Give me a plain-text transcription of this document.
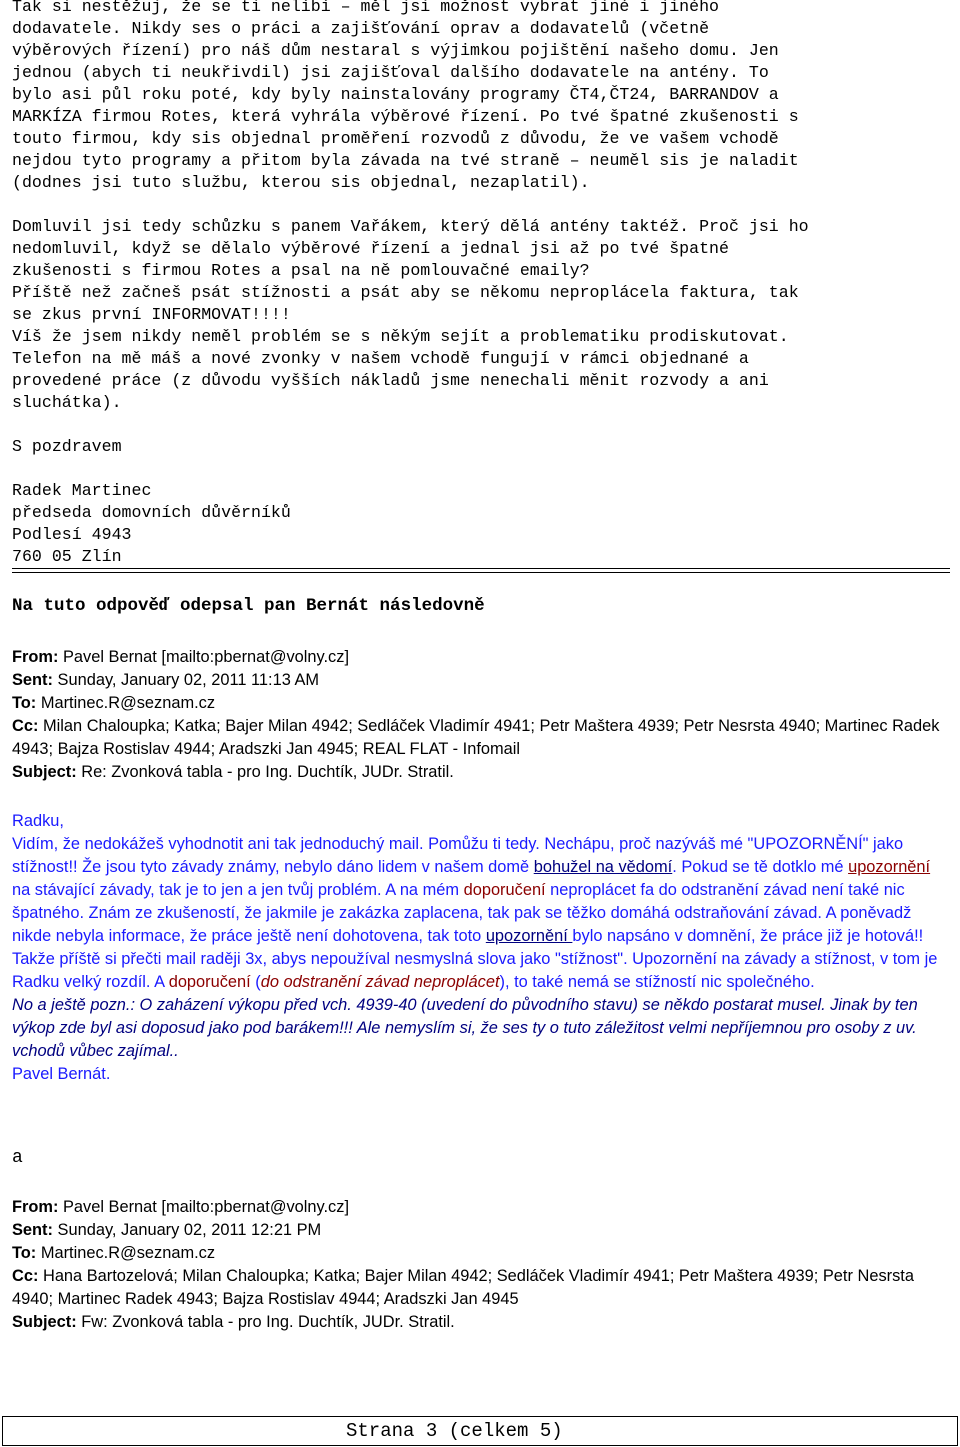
Tak si nestěžuj, že se ti nelíbí – měl jsi možnost vybrat jiné i jiného
dodavatele. Nikdy ses o práci a zajišťování oprav a dodavatelů (včetně
výběrových řízení) pro náš dům nestaral s výjimkou pojištění našeho domu. Jen
jednou (abych ti neukřivdil) jsi zajišťoval dalšího dodavatele na antény. To
bylo asi půl roku poté, kdy byly nainstalovány programy ČT4,ČT24, BARRANDOV a
MARKÍZA firmou Rotes, která vyhrála výběrové řízení. Po tvé špatné zkušenosti s
touto firmou, kdy sis objednal proměření rozvodů z důvodu, že ve vašem vchodě
nejdou tyto programy a přitom byla závada na tvé straně – neuměl sis je naladit
(dodnes jsi tuto službu, kterou sis objednal, nezaplatil).
Domluvil jsi tedy schůzku s panem Vařákem, který dělá antény taktéž. Proč jsi ho
nedomluvil, když se dělalo výběrové řízení a jednal jsi až po tvé špatné
zkušenosti s firmou Rotes a psal na ně pomlouvačné emaily?
Příště než začneš psát stížnosti a psát aby se někomu neproplácela faktura, tak
se zkus první INFORMOVAT!!!!
Víš že jsem nikdy neměl problém se s někým sejít a problematiku prodiskutovat.
Telefon na mě máš a nové zvonky v našem vchodě fungují v rámci objednané a
provedené práce (z důvodu vyšších nákladů jsme nenechali měnit rozvody a ani
sluchátka).
S pozdravem
Radek Martinec
předseda domovních důvěrníků
Podlesí 4943
760 05 Zlín
Na tuto odpověď odepsal pan Bernát následovně
From: Pavel Bernat [mailto:pbernat@volny.cz]
Sent: Sunday, January 02, 2011 11:13 AM
To: Martinec.R@seznam.cz
Cc: Milan Chaloupka; Katka; Bajer Milan 4942; Sedláček Vladimír 4941; Petr Maštera 4939; Petr Nesrsta 4940; Martinec Radek 4943; Bajza Rostislav 4944; Aradszki Jan 4945; REAL FLAT - Infomail
Subject: Re: Zvonková tabla - pro Ing. Duchtík, JUDr. Stratil.
Radku,
Vidím, že nedokážeš vyhodnotit ani tak jednoduchý mail. Pomůžu ti tedy. Nechápu, proč nazýváš mé "UPOZORNĚNÍ" jako stížnost!! Že jsou tyto závady známy, nebylo dáno lidem v našem domě bohužel na vědomí. Pokud se tě dotklo mé upozornění na stávající závady, tak je to jen a jen tvůj problém. A na mém doporučení neproplácet fa do odstranění závad není také nic špatného. Znám ze zkušeností, že jakmile je zakázka zaplacena, tak pak se těžko domáhá odstraňování závad. A poněvadž nikde nebyla informace, že práce ještě není dohotovena, tak toto upozornění bylo napsáno v domnění, že práce již je hotová!!
Takže příště si přečti mail raději 3x, abys nepoužíval nesmyslná slova jako "stížnost". Upozornění na závady a stížnost, v tom je Radku velký rozdíl. A doporučení (do odstranění závad neproplácet), to také nemá se stížností nic společného.
No a ještě pozn.: O zaházení výkopu před vch. 4939-40 (uvedení do původního stavu) se někdo postarat musel. Jinak by ten výkop zde byl asi doposud jako pod barákem!!! Ale nemyslím si, že ses ty o tuto záležitost velmi nepříjemnou pro osoby z uv. vchodů vůbec zajímal..
Pavel Bernát.
a
From: Pavel Bernat [mailto:pbernat@volny.cz]
Sent: Sunday, January 02, 2011 12:21 PM
To: Martinec.R@seznam.cz
Cc: Hana Bartozelová; Milan Chaloupka; Katka; Bajer Milan 4942; Sedláček Vladimír 4941; Petr Maštera 4939; Petr Nesrsta 4940; Martinec Radek 4943; Bajza Rostislav 4944; Aradszki Jan 4945
Subject: Fw: Zvonková tabla - pro Ing. Duchtík, JUDr. Stratil.
Strana 3 (celkem 5)
